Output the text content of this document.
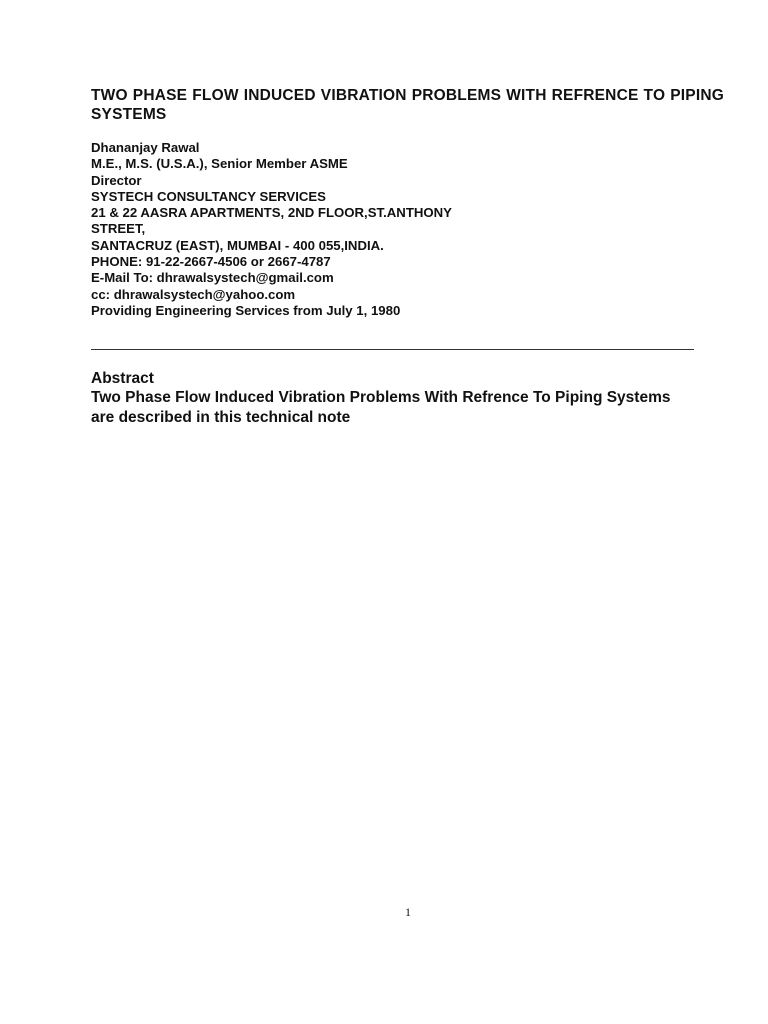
TWO PHASE FLOW INDUCED VIBRATION PROBLEMS WITH REFRENCE TO PIPING SYSTEMS
Dhananjay Rawal
M.E., M.S. (U.S.A.), Senior Member ASME
Director
SYSTECH CONSULTANCY SERVICES
21 & 22 AASRA APARTMENTS, 2ND FLOOR,ST.ANTHONY
STREET,
SANTACRUZ (EAST), MUMBAI - 400 055,INDIA.
PHONE: 91-22-2667-4506 or 2667-4787
E-Mail To: dhrawalsystech@gmail.com
cc: dhrawalsystech@yahoo.com
Providing Engineering Services from July 1, 1980
Abstract

Two Phase Flow Induced Vibration Problems With Refrence To Piping Systems are described in this technical note

1
